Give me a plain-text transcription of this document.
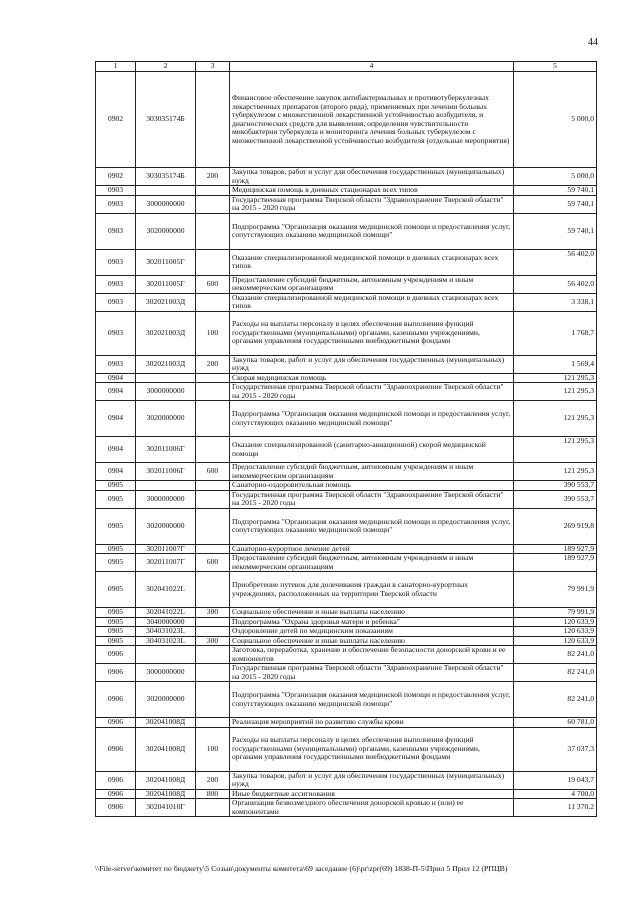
44
1	2	3	4	5
0902	303035174Б		Финансовое обеспечение закупок антибактериальных и противотуберкулезных лекарственных препаратов (второго ряда), применяемых при лечении больных туберкулезом с множественной лекарственной устойчивостью возбудителя, и диагностических средств для выявления, определения чувствительности микобактерии туберкулеза и мониторинга лечения больных туберкулезом с множественной лекарственной устойчивостью возбудителя (отдельные мероприятия)	5 000,0
0902	303035174Б	200	Закупка товаров, работ и услуг для обеспечения государственных (муниципальных) нужд	5 000,0
0903			Медицинская помощь в дневных стационарах всех типов	59 740,1
0903	3000000000		Государственная программа Тверской области "Здравоохранение Тверской области" на 2015 - 2020 годы	59 740,1
0903	3020000000		Подпрограмма "Организация оказания медицинской помощи и предоставления услуг, сопутствующих оказанию медицинской помощи"	59 740,1
0903	302011005Г		Оказание специализированной медицинской помощи в дневных стационарах всех типов	56 402,0
0903	302011005Г	600	Предоставление субсидий бюджетным, автономным учреждениям и иным некоммерческим организациям	56 402,0
0903	302021003Д		Оказание специализированной медицинской помощи в дневных стационарах всех типов	3 338,1
0903	302021003Д	100	Расходы на выплаты персоналу в целях обеспечения выполнения функций государственными (муниципальными) органами, казенными учреждениями, органами управления государственными внебюджетными фондами	1 768,7
0903	302021003Д	200	Закупка товаров, работ и услуг для обеспечения государственных (муниципальных) нужд	1 569,4
0904			Скорая медицинская помощь	121 295,3
0904	3000000000		Государственная программа Тверской области "Здравоохранение Тверской области" на 2015 - 2020 годы	121 295,3
0904	3020000000		Подпрограмма "Организация оказания медицинской помощи и предоставления услуг, сопутствующих оказанию медицинской помощи"	121 295,3
0904	302011006Г		Оказание специализированной (санитарно-авиационной) скорой медицинской помощи	121 295,3
0904	302011006Г	600	Предоставление субсидий бюджетным, автономным учреждениям и иным некоммерческим организациям	121 295,3
0905			Санаторно-оздоровительная помощь	390 553,7
0905	3000000000		Государственная программа Тверской области "Здравоохранение Тверской области" на 2015 - 2020 годы	390 553,7
0905	3020000000		Подпрограмма "Организация оказания медицинской помощи и предоставления услуг, сопутствующих оказанию медицинской помощи"	269 919,8
0905	302011007Г		Санаторно-курортное лечение детей	189 927,9
0905	302011007Г	600	Предоставление субсидий бюджетным, автономным учреждениям и иным некоммерческим организациям	189 927,9
0905	302041022L		Приобретение путевок для долечивания граждан в санаторно-курортных учреждениях, расположенных на территории Тверской области	79 991,9
0905	302041022L	300	Социальное обеспечение и иные выплаты населению	79 991,9
0905	3040000000		Подпрограмма "Охрана здоровья матери и ребенка"	120 633,9
0905	304031023L		Оздоровление детей по медицинским показаниям	120 633,9
0905	304031023L	300	Социальное обеспечение и иные выплаты населению	120 633,9
0906			Заготовка, переработка, хранение и обеспечение безопасности донорской крови и ее компонентов	82 241,0
0906	3000000000		Государственная программа Тверской области "Здравоохранение Тверской области" на 2015 - 2020 годы	82 241,0
0906	3020000000		Подпрограмма "Организация оказания медицинской помощи и предоставления услуг, сопутствующих оказанию медицинской помощи"	82 241,0
0906	302041008Д		Реализация мероприятий по развитию службы крови	60 781,0
0906	302041008Д	100	Расходы на выплаты персоналу в целях обеспечения выполнения функций государственными (муниципальными) органами, казенными учреждениями, органами управления государственными внебюджетными фондами	37 037,3
0906	302041008Д	200	Закупка товаров, работ и услуг для обеспечения государственных (муниципальных) нужд	19 043,7
0906	302041008Д	800	Иные бюджетные ассигнования	4 700,0
0906	302041010Г		Организация безвозмездного обеспечения донорской кровью и (или) ее компонентами	11 370,2
\\File-server\комитет по бюджету\5 Созыв\документы комитета\69 заседание (6)\pr\zpr(69) 1838-П-5\Прил 5 Прил 12 (РПЦВ)
